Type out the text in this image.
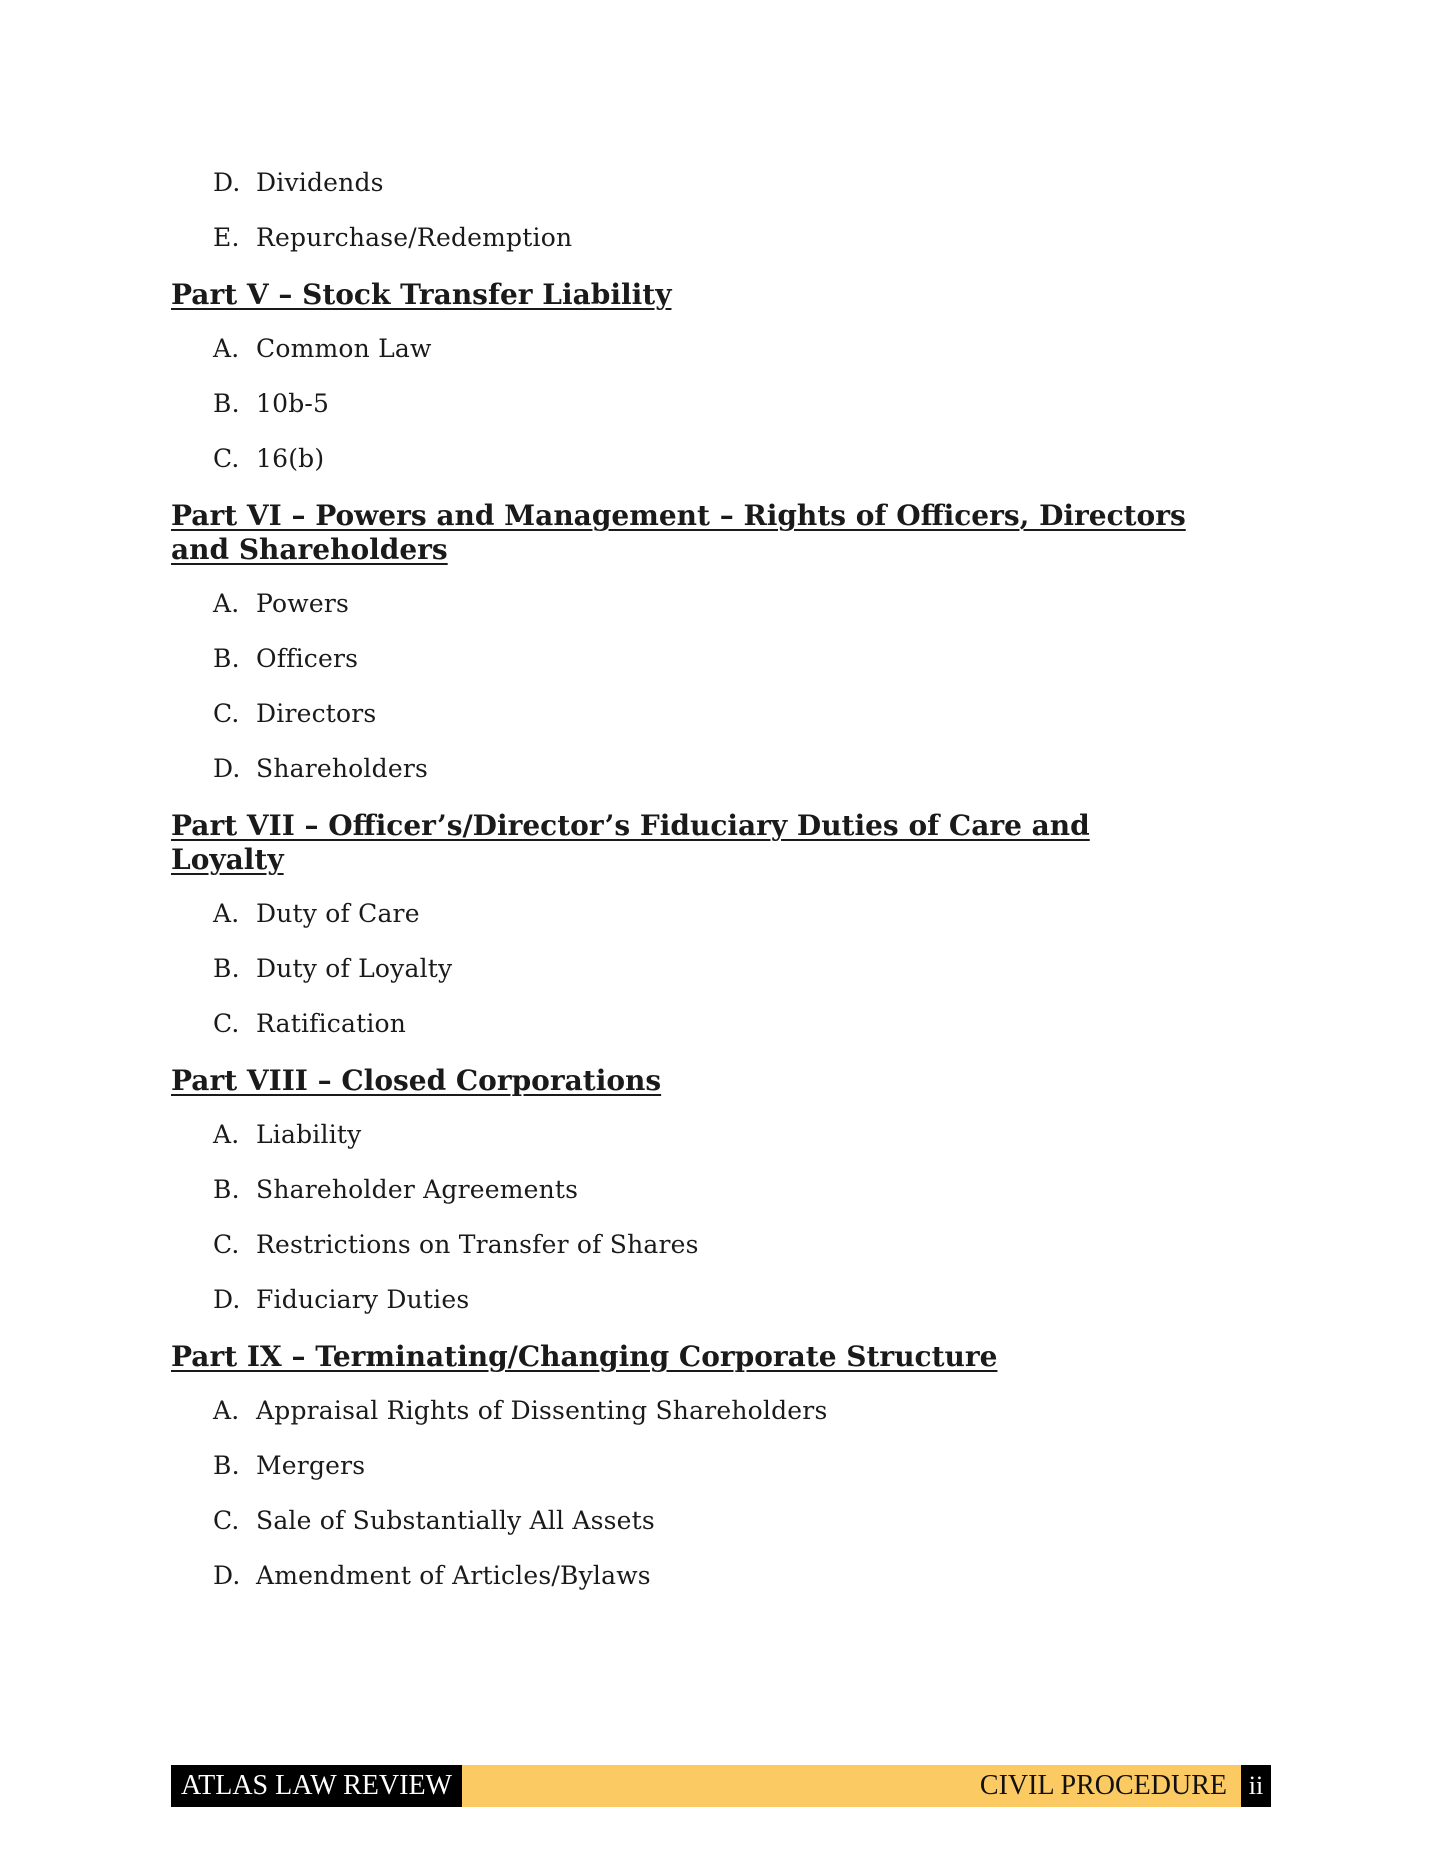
D. Dividends
E. Repurchase/Redemption
Part V – Stock Transfer Liability
A. Common Law
B. 10b-5
C. 16(b)
Part VI – Powers and Management – Rights of Officers, Directors and Shareholders
A. Powers
B. Officers
C. Directors
D. Shareholders
Part VII – Officer’s/Director’s Fiduciary Duties of Care and Loyalty
A. Duty of Care
B. Duty of Loyalty
C. Ratification
Part VIII – Closed Corporations
A. Liability
B. Shareholder Agreements
C. Restrictions on Transfer of Shares
D. Fiduciary Duties
Part IX – Terminating/Changing Corporate Structure
A. Appraisal Rights of Dissenting Shareholders
B. Mergers
C. Sale of Substantially All Assets
D. Amendment of Articles/Bylaws
ATLAS LAW REVIEW	CIVIL PROCEDURE ii
